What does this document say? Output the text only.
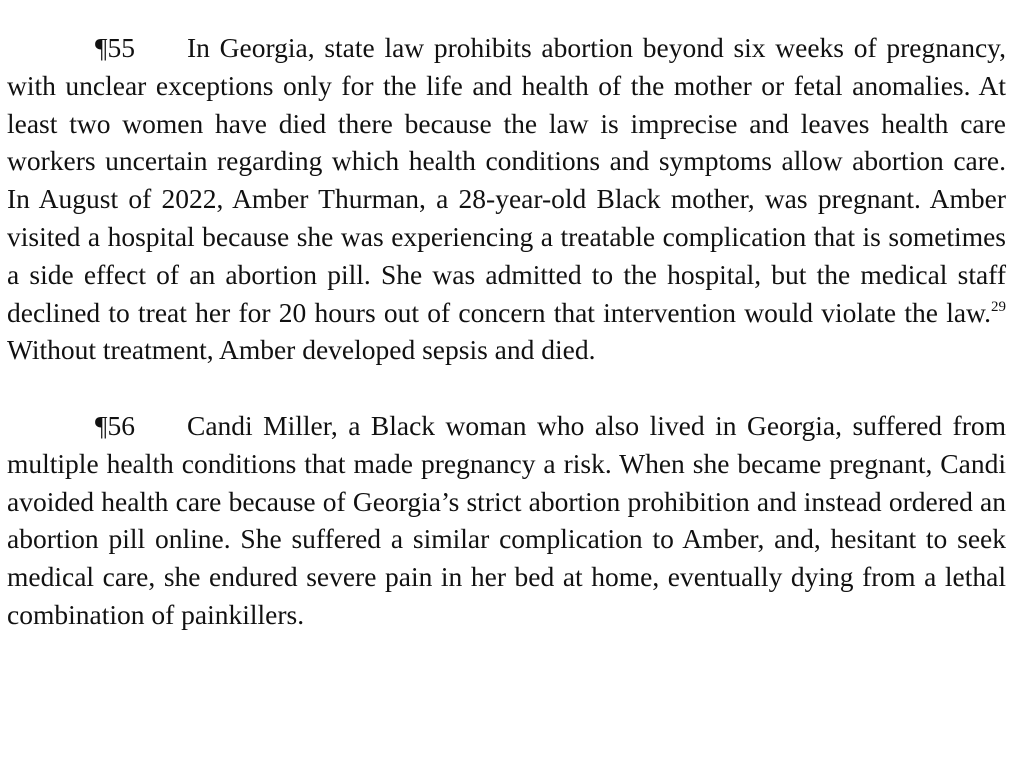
¶55 In Georgia, state law prohibits abortion beyond six weeks of pregnancy, with unclear exceptions only for the life and health of the mother or fetal anomalies. At least two women have died there because the law is imprecise and leaves health care workers uncertain regarding which health conditions and symptoms allow abortion care. In August of 2022, Amber Thurman, a 28-year-old Black mother, was pregnant. Amber visited a hospital because she was experiencing a treatable complication that is sometimes a side effect of an abortion pill. She was admitted to the hospital, but the medical staff declined to treat her for 20 hours out of concern that intervention would violate the law.$^{29}$ Without treatment, Amber developed sepsis and died.

¶56 Candi Miller, a Black woman who also lived in Georgia, suffered from multiple health conditions that made pregnancy a risk. When she became pregnant, Candi avoided health care because of Georgia’s strict abortion prohibition and instead ordered an abortion pill online. She suffered a similar complication to Amber, and, hesitant to seek medical care, she endured severe pain in her bed at home, eventually dying from a lethal combination of painkillers.
